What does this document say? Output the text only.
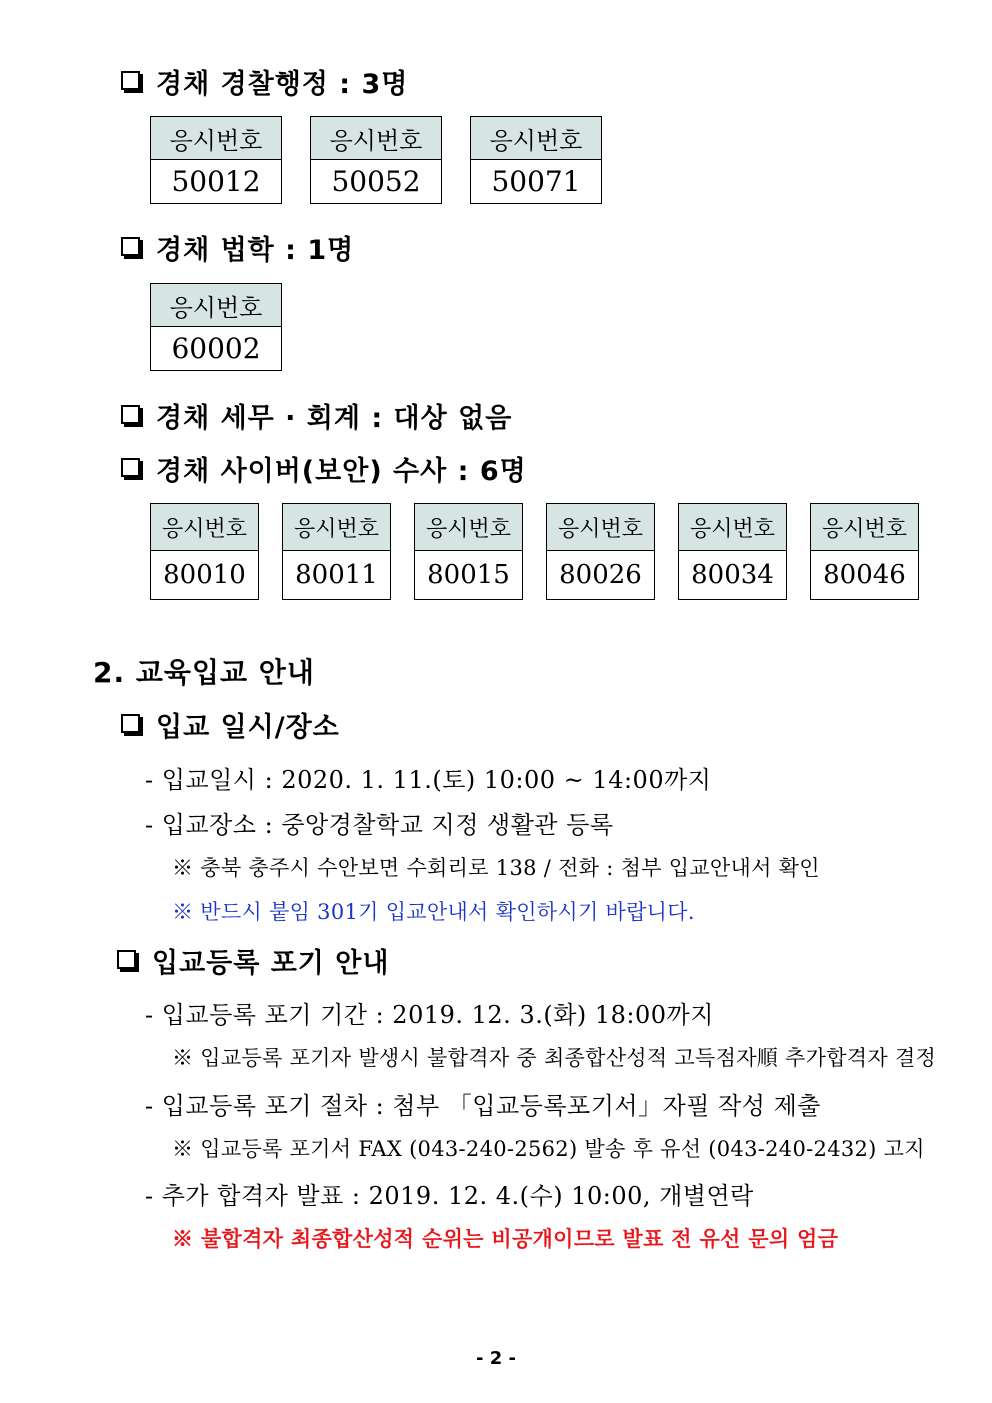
경채 경찰행정 : 3명
응시번호
50012
응시번호
50052
응시번호
50071
경채 법학 : 1명
응시번호
60002
경채 세무 · 회계 : 대상 없음
경채 사이버(보안) 수사 : 6명
응시번호
80010
응시번호
80011
응시번호
80015
응시번호
80026
응시번호
80034
응시번호
80046
2. 교육입교 안내
입교 일시/장소
- 입교일시 : 2020. 1. 11.(토) 10:00 ~ 14:00까지
- 입교장소 : 중앙경찰학교 지정 생활관 등록
※ 충북 충주시 수안보면 수회리로 138 / 전화 : 첨부 입교안내서 확인
※ 반드시 붙임 301기 입교안내서 확인하시기 바랍니다.
입교등록 포기 안내
- 입교등록 포기 기간 : 2019. 12. 3.(화) 18:00까지
※ 입교등록 포기자 발생시 불합격자 중 최종합산성적 고득점자順 추가합격자 결정
- 입교등록 포기 절차 : 첨부 「입교등록포기서」자필 작성 제출
※ 입교등록 포기서 FAX (043-240-2562) 발송 후 유선 (043-240-2432) 고지
- 추가 합격자 발표 : 2019. 12. 4.(수) 10:00, 개별연락
※ 불합격자 최종합산성적 순위는 비공개이므로 발표 전 유선 문의 엄금
- 2 -
